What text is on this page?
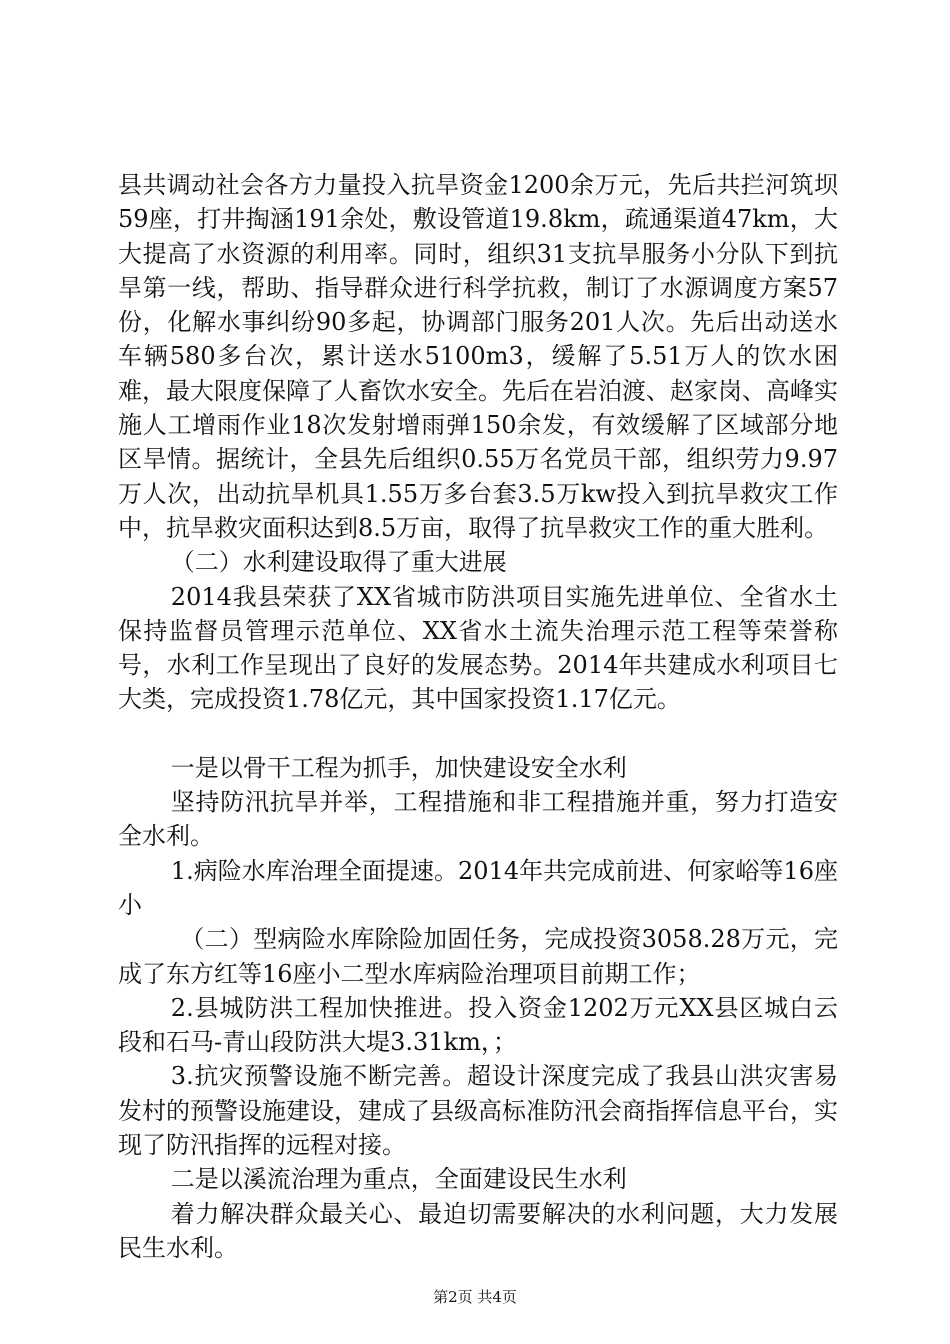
县共调动社会各方力量投入抗旱资金1200余万元，先后共拦河筑坝59座，打井掏涵191余处，敷设管道19.8km，疏通渠道47km，大大提高了水资源的利用率。同时，组织31支抗旱服务小分队下到抗旱第一线，帮助、指导群众进行科学抗救，制订了水源调度方案57份，化解水事纠纷90多起，协调部门服务201人次。先后出动送水车辆580多台次，累计送水5100m3，缓解了5.51万人的饮水困难，最大限度保障了人畜饮水安全。先后在岩泊渡、赵家岗、高峰实施人工增雨作业18次发射增雨弹150余发，有效缓解了区域部分地区旱情。据统计，全县先后组织0.55万名党员干部，组织劳力9.97万人次，出动抗旱机具1.55万多台套3.5万kw投入到抗旱救灾工作中，抗旱救灾面积达到8.5万亩，取得了抗旱救灾工作的重大胜利。

（二）水利建设取得了重大进展

2014我县荣获了XX省城市防洪项目实施先进单位、全省水土保持监督员管理示范单位、XX省水土流失治理示范工程等荣誉称号，水利工作呈现出了良好的发展态势。2014年共建成水利项目七大类，完成投资1.78亿元，其中国家投资1.17亿元。

一是以骨干工程为抓手，加快建设安全水利

坚持防汛抗旱并举，工程措施和非工程措施并重，努力打造安全水利。

1.病险水库治理全面提速。2014年共完成前进、何家峪等16座小

（二）型病险水库除险加固任务，完成投资3058.28万元，完成了东方红等16座小二型水库病险治理项目前期工作；

2.县城防洪工程加快推进。投入资金1202万元XX县区城白云段和石马-青山段防洪大堤3.31km，；

3.抗灾预警设施不断完善。超设计深度完成了我县山洪灾害易发村的预警设施建设，建成了县级高标准防汛会商指挥信息平台，实现了防汛指挥的远程对接。

二是以溪流治理为重点，全面建设民生水利

着力解决群众最关心、最迫切需要解决的水利问题，大力发展民生水利。

第2页 共4页
